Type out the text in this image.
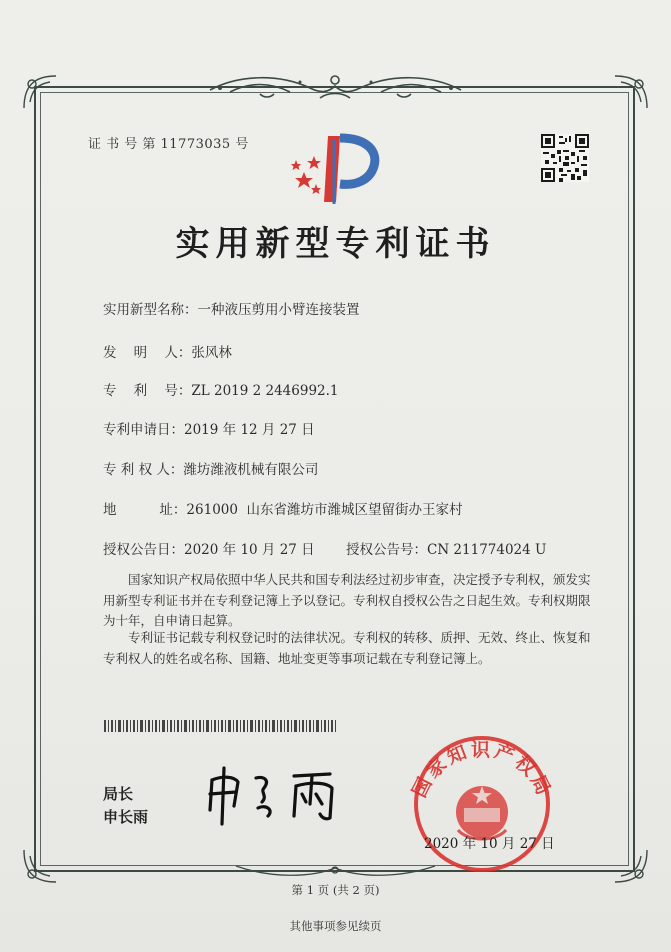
证 书 号 第 11773035 号
实用新型专利证书
实用新型名称：一种液压剪用小臂连接装置
发    明    人：张风林
专    利    号：ZL 2019 2 2446992.1
专利申请日：2019 年 12 月 27 日
专 利 权 人：潍坊潍液机械有限公司
地          址：261000  山东省潍坊市潍城区望留街办王家村
授权公告日：2020 年 10 月 27 日 授权公告号：CN 211774024 U
国家知识产权局依照中华人民共和国专利法经过初步审查，决定授予专利权，颁发实用新型专利证书并在专利登记簿上予以登记。专利权自授权公告之日起生效。专利权期限为十年，自申请日起算。
专利证书记载专利权登记时的法律状况。专利权的转移、质押、无效、终止、恢复和专利权人的姓名或名称、国籍、地址变更等事项记载在专利登记簿上。
局长
申长雨
国家知识产权局
2020 年 10 月 27 日
第 1 页 (共 2 页)
其他事项参见续页
